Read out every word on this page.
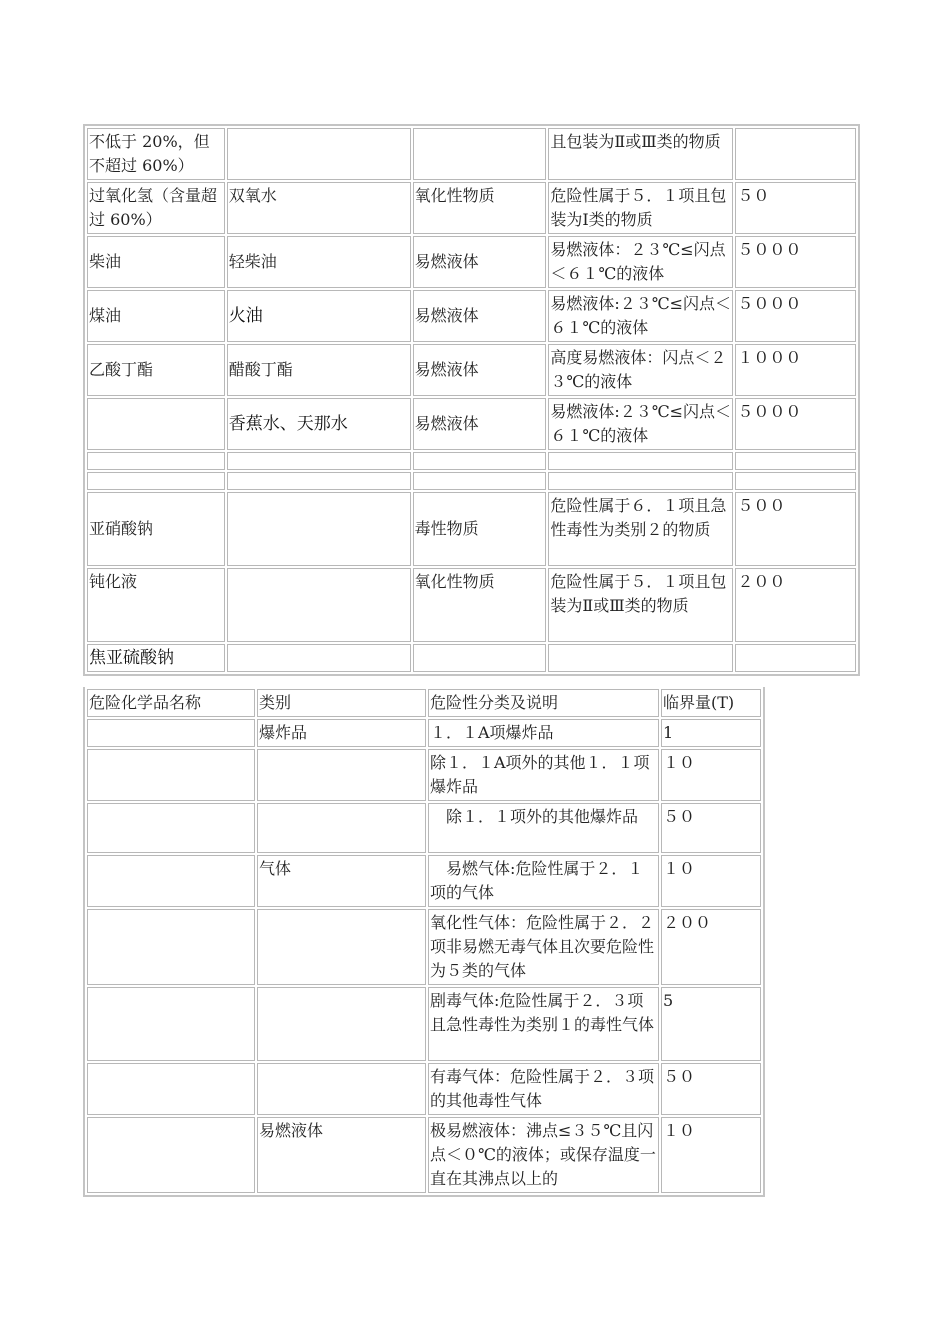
不低于 20%，但不超过 60%）			且包装为Ⅱ或Ⅲ类的物质	
过氧化氢（含量超过 60%）	双氧水	氧化性物质	危险性属于５．１项且包装为Ⅰ类的物质	５０
柴油	轻柴油	易燃液体	易燃液体：２３℃≤闪点＜６１℃的液体	５０００
煤油	火油	易燃液体	易燃液体:２３℃≤闪点＜６１℃的液体	５０００
乙酸丁酯	醋酸丁酯	易燃液体	高度易燃液体：闪点＜２３℃的液体	１０００
	香蕉水、天那水	易燃液体	易燃液体:２３℃≤闪点＜６１℃的液体	５０００

亚硝酸钠		毒性物质	危险性属于６．１项且急性毒性为类别２的物质	５００
钝化液		氧化性物质	危险性属于５．１项且包装为Ⅱ或Ⅲ类的物质	２００
焦亚硫酸钠				
危险化学品名称	类别	危险性分类及说明	临界量(T)
	爆炸品	１．１A项爆炸品	1
		除１．１A项外的其他１．１项爆炸品	１０
		　除１．１项外的其他爆炸品	５０
	气体	　易燃气体:危险性属于２．１项的气体	１０
		氧化性气体：危险性属于２．２项非易燃无毒气体且次要危险性为５类的气体	２００
		剧毒气体:危险性属于２．３项且急性毒性为类别１的毒性气体	5
		有毒气体：危险性属于２．３项的其他毒性气体	５０
	易燃液体	极易燃液体：沸点≤３５℃且闪点＜０℃的液体；或保存温度一直在其沸点以上的	１０
